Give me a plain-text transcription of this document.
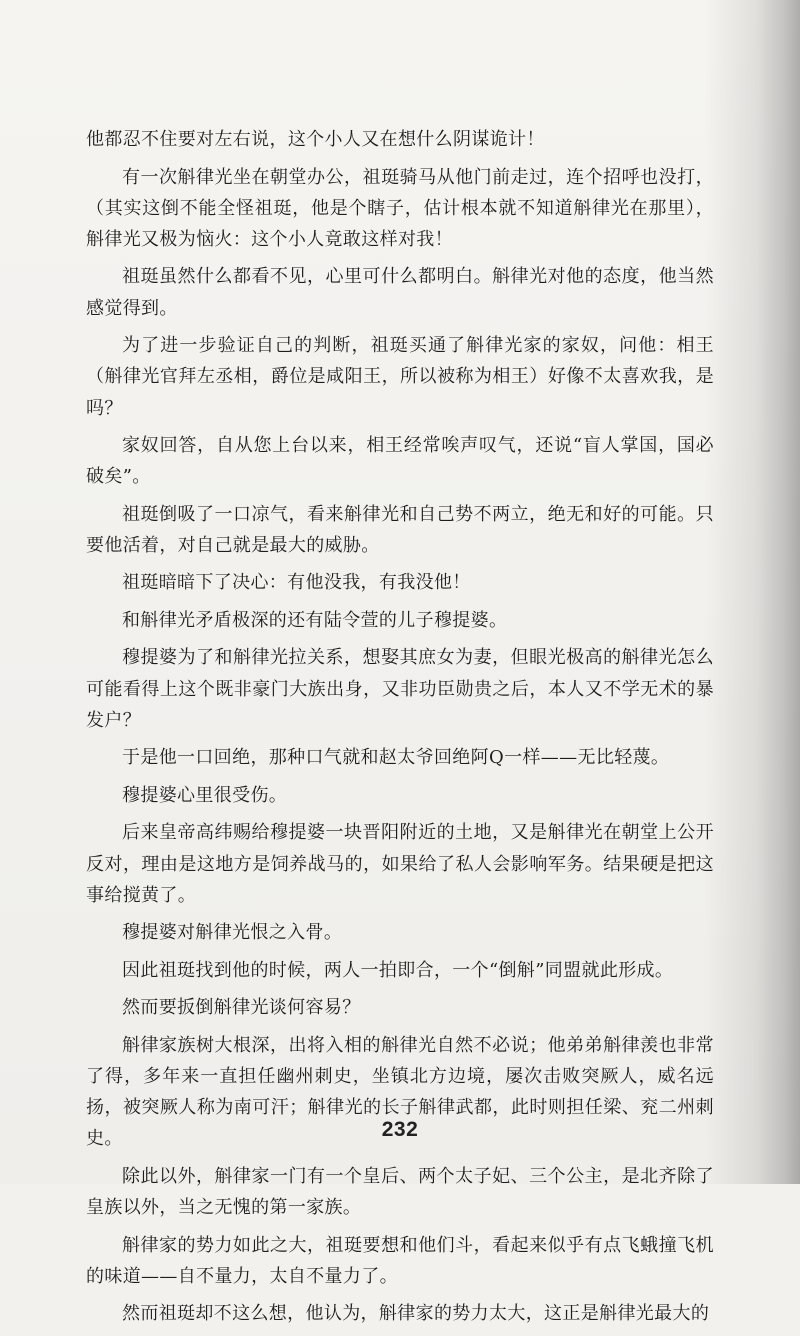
他都忍不住要对左右说，这个小人又在想什么阴谋诡计！

有一次斛律光坐在朝堂办公，祖珽骑马从他门前走过，连个招呼也没打，（其实这倒不能全怪祖珽，他是个瞎子，估计根本就不知道斛律光在那里），斛律光又极为恼火：这个小人竟敢这样对我！

祖珽虽然什么都看不见，心里可什么都明白。斛律光对他的态度，他当然感觉得到。

为了进一步验证自己的判断，祖珽买通了斛律光家的家奴，问他：相王（斛律光官拜左丞相，爵位是咸阳王，所以被称为相王）好像不太喜欢我，是吗？

家奴回答，自从您上台以来，相王经常唉声叹气，还说“盲人掌国，国必破矣”。

祖珽倒吸了一口凉气，看来斛律光和自己势不两立，绝无和好的可能。只要他活着，对自己就是最大的威胁。

祖珽暗暗下了决心：有他没我，有我没他！

和斛律光矛盾极深的还有陆令萱的儿子穆提婆。

穆提婆为了和斛律光拉关系，想娶其庶女为妻，但眼光极高的斛律光怎么可能看得上这个既非豪门大族出身，又非功臣勋贵之后，本人又不学无术的暴发户？

于是他一口回绝，那种口气就和赵太爷回绝阿Q一样——无比轻蔑。

穆提婆心里很受伤。

后来皇帝高纬赐给穆提婆一块晋阳附近的土地，又是斛律光在朝堂上公开反对，理由是这地方是饲养战马的，如果给了私人会影响军务。结果硬是把这事给搅黄了。

穆提婆对斛律光恨之入骨。

因此祖珽找到他的时候，两人一拍即合，一个“倒斛”同盟就此形成。

然而要扳倒斛律光谈何容易？

斛律家族树大根深，出将入相的斛律光自然不必说；他弟弟斛律羡也非常了得，多年来一直担任幽州刺史，坐镇北方边境，屡次击败突厥人，威名远扬，被突厥人称为南可汗；斛律光的长子斛律武都，此时则担任梁、兖二州刺史。

除此以外，斛律家一门有一个皇后、两个太子妃、三个公主，是北齐除了皇族以外，当之无愧的第一家族。

斛律家的势力如此之大，祖珽要想和他们斗，看起来似乎有点飞蛾撞飞机的味道——自不量力，太自不量力了。

然而祖珽却不这么想，他认为，斛律家的势力太大，这正是斛律光最大的

232
